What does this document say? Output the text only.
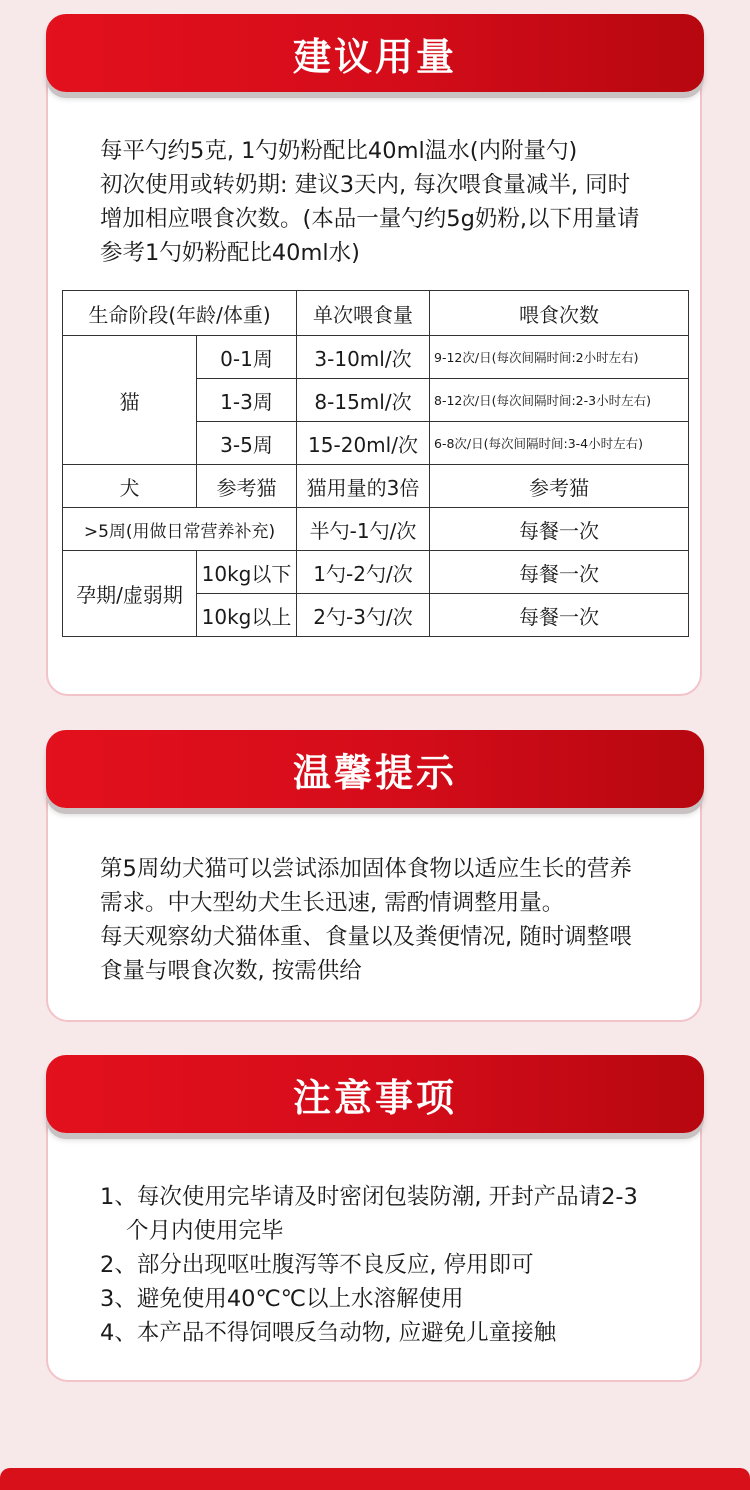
建议用量

每平勺约5克, 1勺奶粉配比40ml温水(内附量勺)

初次使用或转奶期: 建议3天内, 每次喂食量减半, 同时

增加相应喂食次数。(本品一量勺约5g奶粉,以下用量请

参考1勺奶粉配比40ml水)

生命阶段(年龄/体重)		单次喂食量	喂食次数
猫	0-1周	3-10ml/次	9-12次/日(每次间隔时间:2小时左右)
	1-3周	8-15ml/次	8-12次/日(每次间隔时间:2-3小时左右)
	3-5周	15-20ml/次	6-8次/日(每次间隔时间:3-4小时左右)
犬	参考猫	猫用量的3倍	参考猫
>5周(用做日常营养补充)		半勺-1勺/次	每餐一次
孕期/虚弱期	10kg以下	1勺-2勺/次	每餐一次
	10kg以上	2勺-3勺/次	每餐一次
温馨提示

第5周幼犬猫可以尝试添加固体食物以适应生长的营养

需求。中大型幼犬生长迅速, 需酌情调整用量。

每天观察幼犬猫体重、食量以及粪便情况, 随时调整喂

食量与喂食次数, 按需供给

注意事项

1、每次使用完毕请及时密闭包装防潮, 开封产品请2-3

个月内使用完毕

2、部分出现呕吐腹泻等不良反应, 停用即可

3、避免使用40℃℃以上水溶解使用

4、本产品不得饲喂反刍动物, 应避免儿童接触
